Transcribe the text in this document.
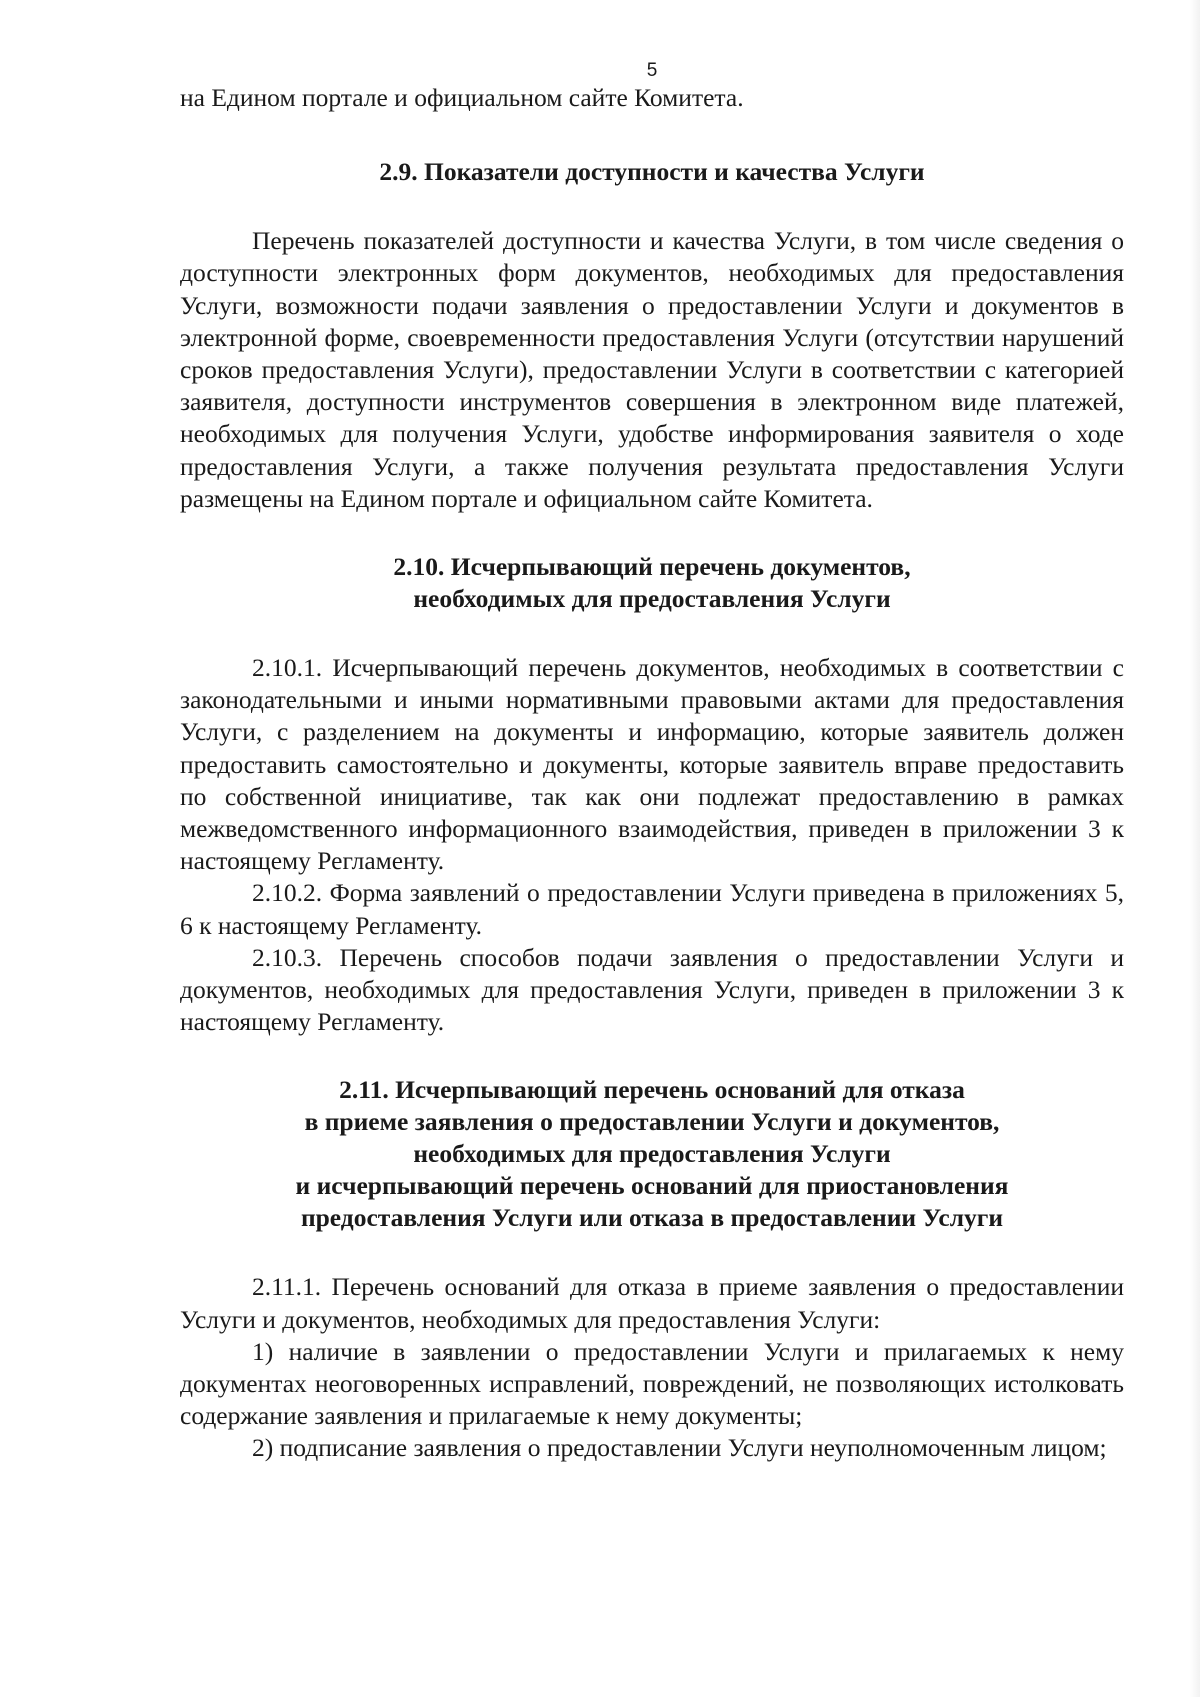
5

на Едином портале и официальном сайте Комитета.

2.9. Показатели доступности и качества Услуги

Перечень показателей доступности и качества Услуги, в том числе сведения о доступности электронных форм документов, необходимых для предоставления Услуги, возможности подачи заявления о предоставлении Услуги и документов в электронной форме, своевременности предоставления Услуги (отсутствии нарушений сроков предоставления Услуги), предоставлении Услуги в соответствии с категорией заявителя, доступности инструментов совершения в электронном виде платежей, необходимых для получения Услуги, удобстве информирования заявителя о ходе предоставления Услуги, а также получения результата предоставления Услуги размещены на Едином портале и официальном сайте Комитета.

2.10. Исчерпывающий перечень документов,
необходимых для предоставления Услуги

2.10.1. Исчерпывающий перечень документов, необходимых в соответствии с законодательными и иными нормативными правовыми актами для предоставления Услуги, с разделением на документы и информацию, которые заявитель должен предоставить самостоятельно и документы, которые заявитель вправе предоставить по собственной инициативе, так как они подлежат предоставлению в рамках межведомственного информационного взаимодействия, приведен в приложении 3 к настоящему Регламенту.

2.10.2. Форма заявлений о предоставлении Услуги приведена в приложениях 5, 6 к настоящему Регламенту.

2.10.3. Перечень способов подачи заявления о предоставлении Услуги и документов, необходимых для предоставления Услуги, приведен в приложении 3 к настоящему Регламенту.

2.11. Исчерпывающий перечень оснований для отказа
в приеме заявления о предоставлении Услуги и документов,
необходимых для предоставления Услуги
и исчерпывающий перечень оснований для приостановления
предоставления Услуги или отказа в предоставлении Услуги

2.11.1. Перечень оснований для отказа в приеме заявления о предоставлении Услуги и документов, необходимых для предоставления Услуги:

1) наличие в заявлении о предоставлении Услуги и прилагаемых к нему документах неоговоренных исправлений, повреждений, не позволяющих истолковать содержание заявления и прилагаемые к нему документы;

2) подписание заявления о предоставлении Услуги неуполномоченным лицом;
